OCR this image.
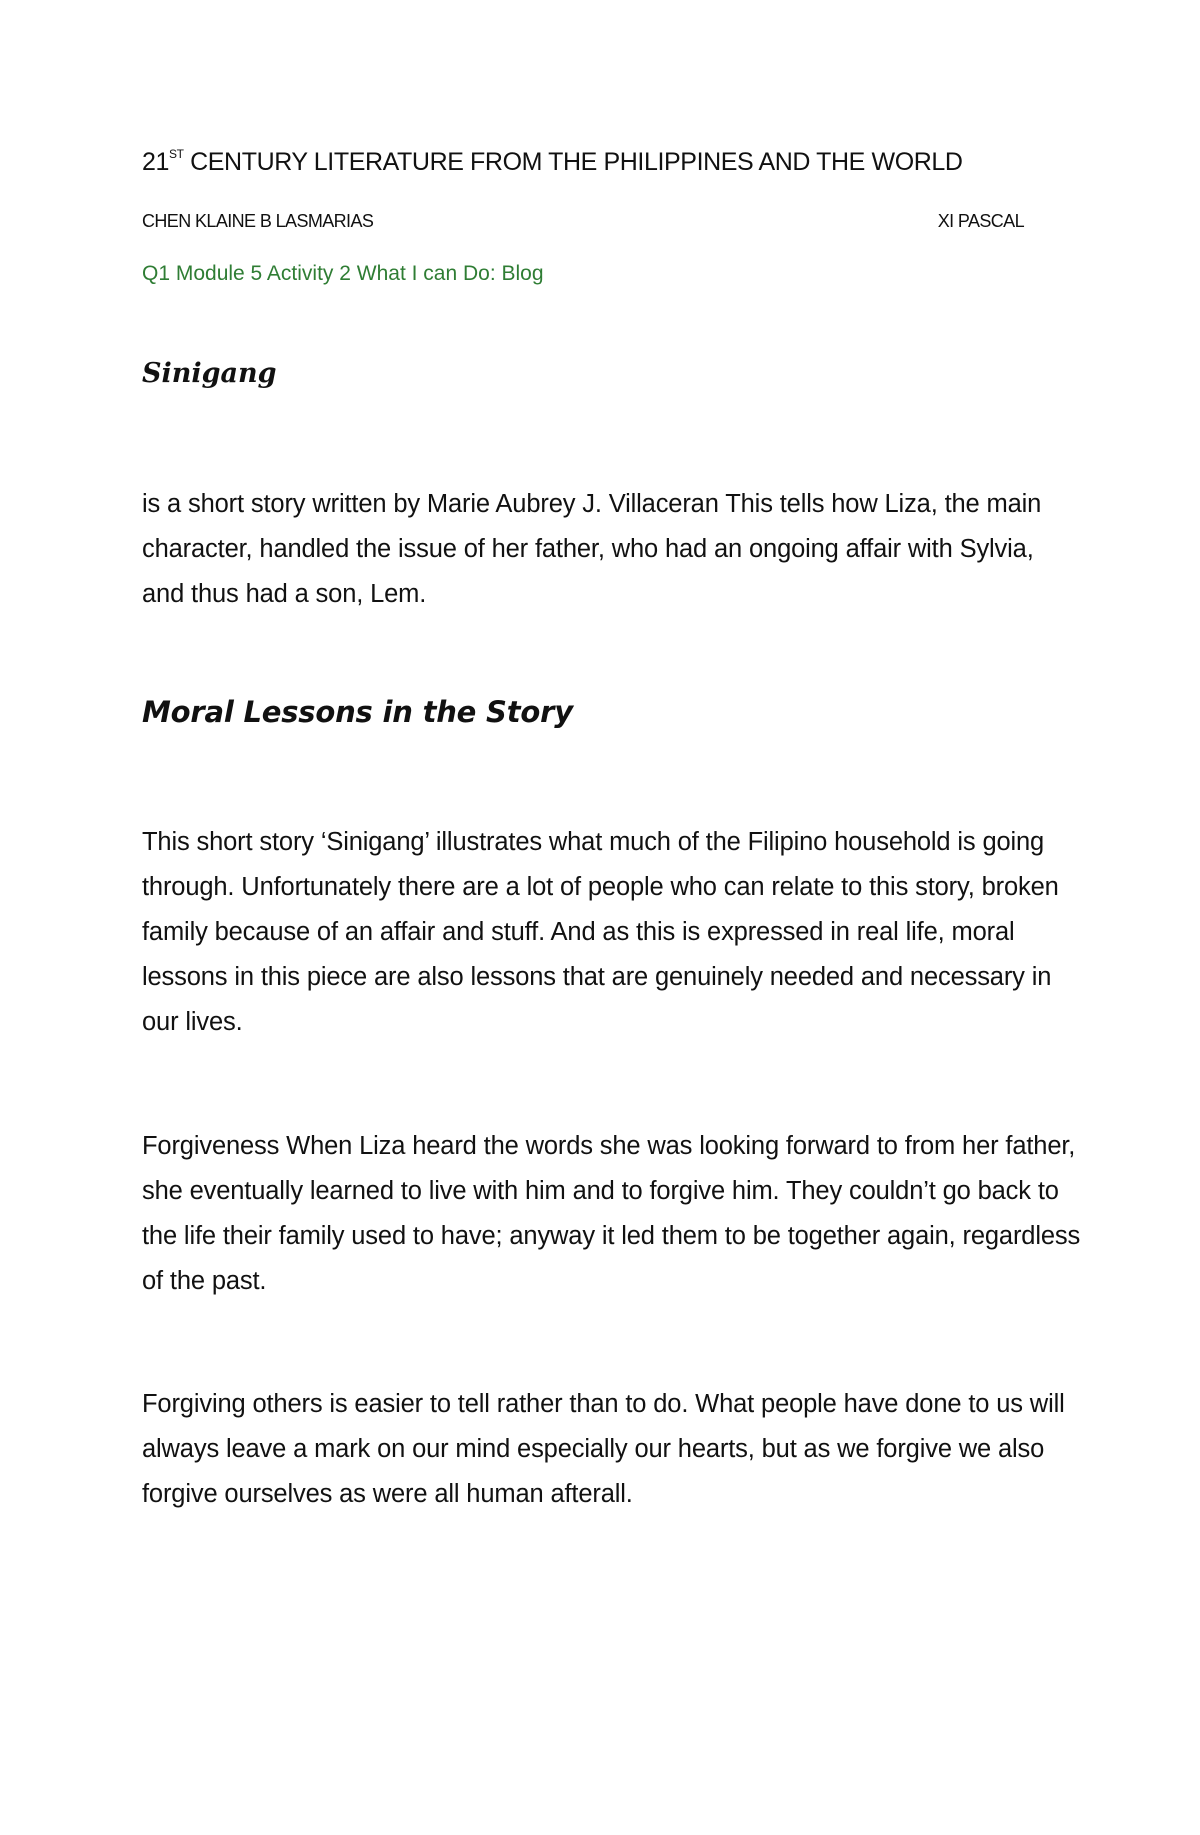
21ST CENTURY LITERATURE FROM THE PHILIPPINES AND THE WORLD
CHEN KLAINE B LASMARIAS	XI PASCAL
Q1 Module 5 Activity 2 What I can Do: Blog
Sinigang

is a short story written by Marie Aubrey J. Villaceran This tells how Liza, the main character, handled the issue of her father, who had an ongoing affair with Sylvia, and thus had a son, Lem.

Moral Lessons in the Story

This short story ‘Sinigang’ illustrates what much of the Filipino household is going through. Unfortunately there are a lot of people who can relate to this story, broken family because of an affair and stuff. And as this is expressed in real life, moral lessons in this piece are also lessons that are genuinely needed and necessary in our lives.

Forgiveness When Liza heard the words she was looking forward to from her father, she eventually learned to live with him and to forgive him. They couldn’t go back to the life their family used to have; anyway it led them to be together again, regardless of the past.

Forgiving others is easier to tell rather than to do. What people have done to us will always leave a mark on our mind especially our hearts, but as we forgive we also forgive ourselves as were all human afterall.
